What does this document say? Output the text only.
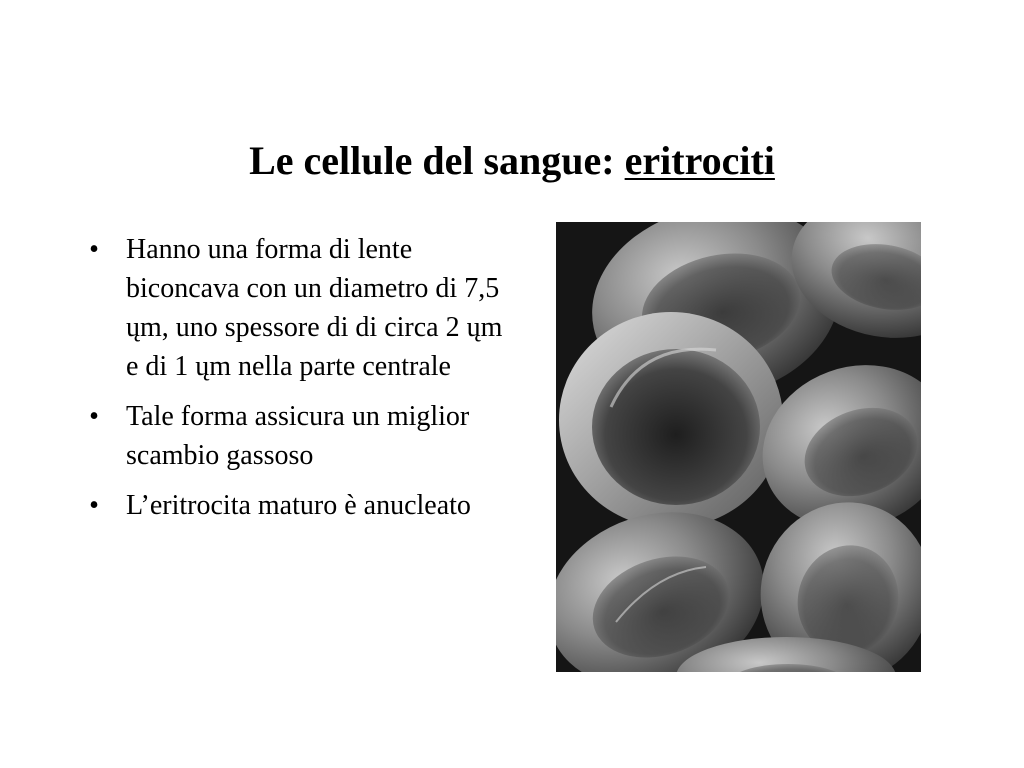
Le cellule del sangue: eritrociti
• Hanno una forma di lente biconcava con un diametro di 7,5 ųm, uno spessore di di circa 2 ųm e di 1 ųm nella parte centrale
• Tale forma assicura un miglior scambio gassoso
• L’eritrocita maturo è anucleato
